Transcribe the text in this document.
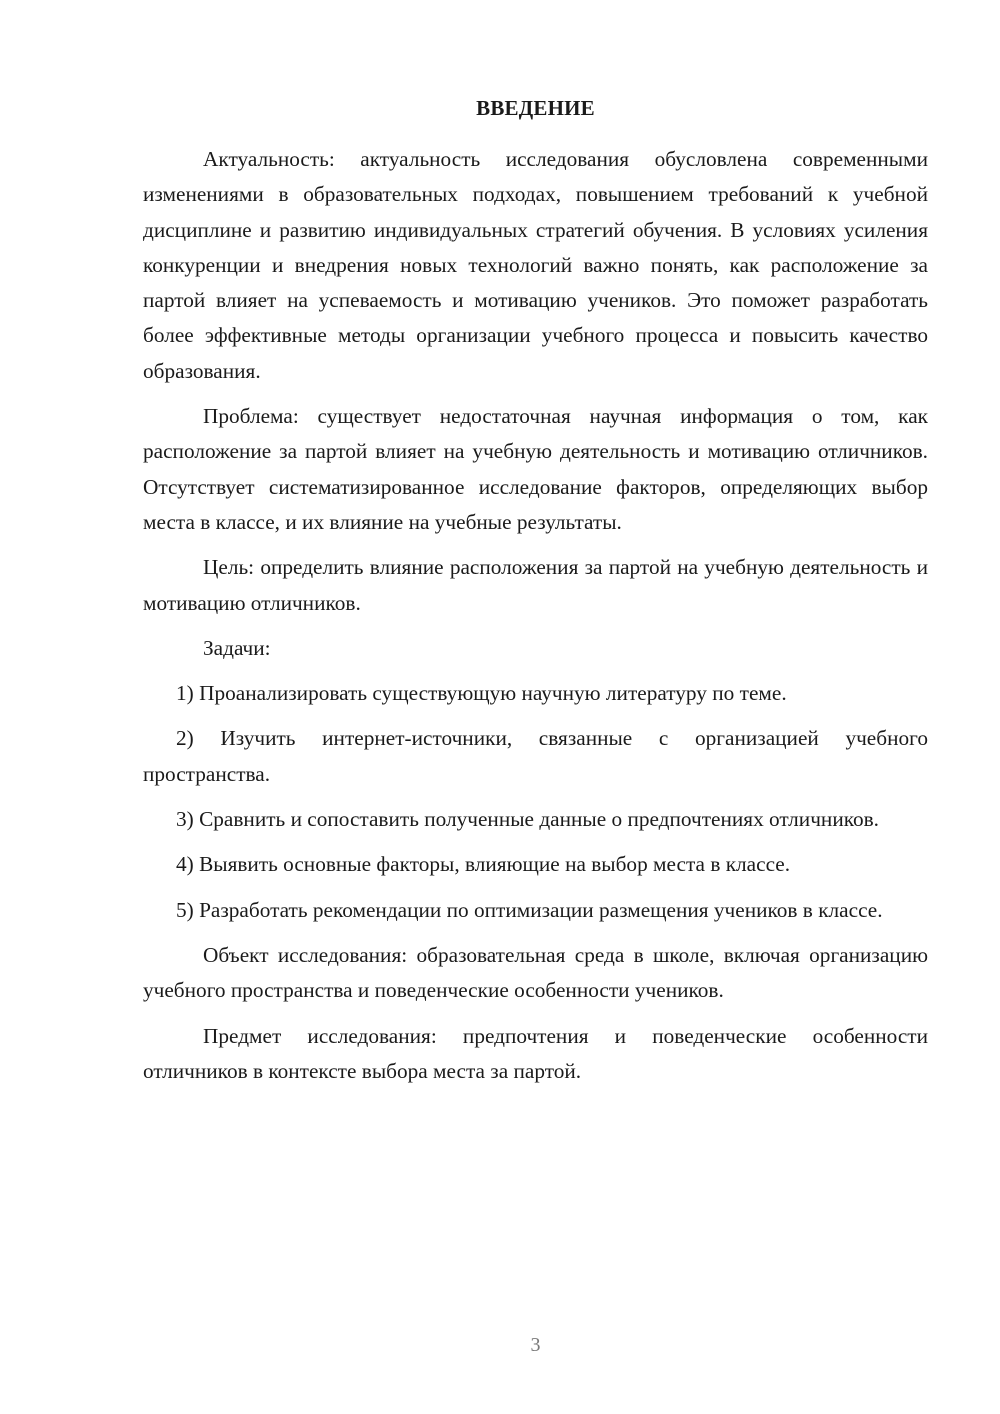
ВВЕДЕНИЕ

Актуальность: актуальность исследования обусловлена современными изменениями в образовательных подходах, повышением требований к учебной дисциплине и развитию индивидуальных стратегий обучения. В условиях усиления конкуренции и внедрения новых технологий важно понять, как расположение за партой влияет на успеваемость и мотивацию учеников. Это поможет разработать более эффективные методы организации учебного процесса и повысить качество образования.

Проблема: существует недостаточная научная информация о том, как расположение за партой влияет на учебную деятельность и мотивацию отличников. Отсутствует систематизированное исследование факторов, определяющих выбор места в классе, и их влияние на учебные результаты.

Цель: определить влияние расположения за партой на учебную деятельность и мотивацию отличников.

Задачи:

1) Проанализировать существующую научную литературу по теме.

2) Изучить интернет-источники, связанные с организацией учебного пространства.

3) Сравнить и сопоставить полученные данные о предпочтениях отличников.

4) Выявить основные факторы, влияющие на выбор места в классе.

5) Разработать рекомендации по оптимизации размещения учеников в классе.

Объект исследования: образовательная среда в школе, включая организацию учебного пространства и поведенческие особенности учеников.

Предмет исследования: предпочтения и поведенческие особенности отличников в контексте выбора места за партой.

3
